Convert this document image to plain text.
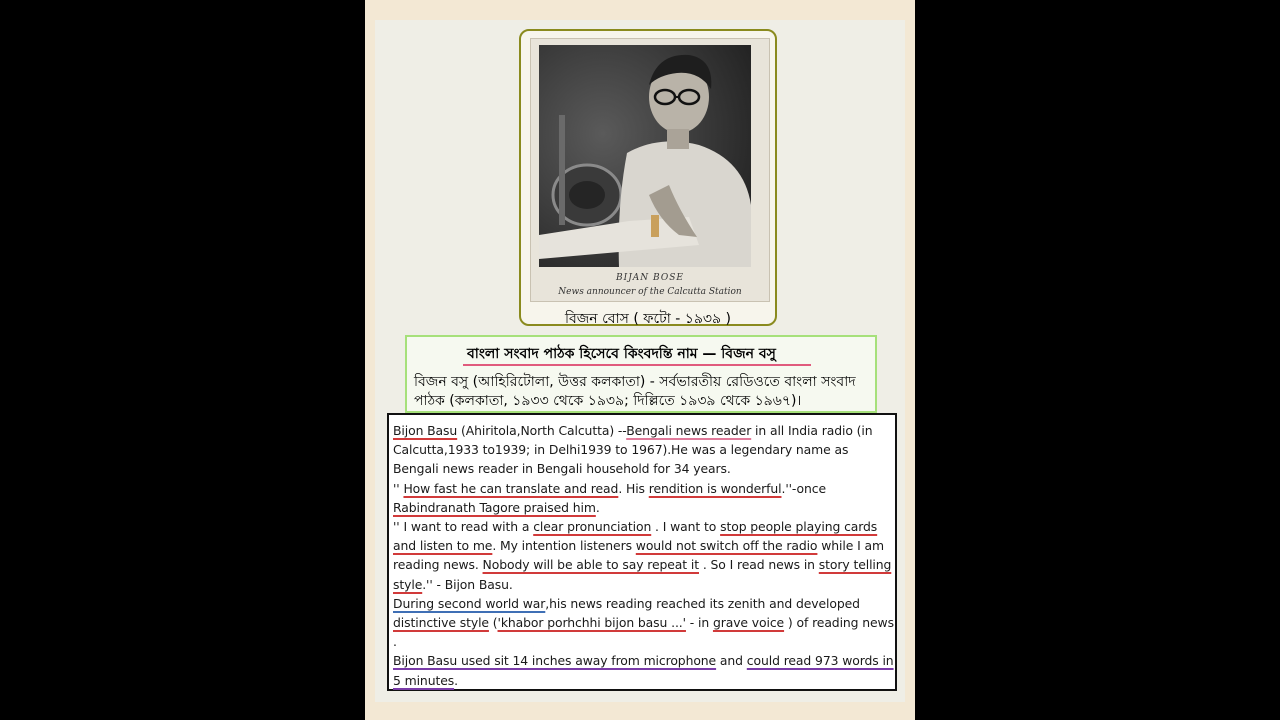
BIJAN BOSE
News announcer of the Calcutta Station
বিজন বোস ( ফটো - ১৯৩৯ )
বাংলা সংবাদ পাঠক হিসেবে কিংবদন্তি নাম — বিজন বসু
বিজন বসু (আহিরিটোলা, উত্তর কলকাতা) - সর্বভারতীয় রেডিওতে বাংলা সংবাদ পাঠক (কলকাতা, ১৯৩৩ থেকে ১৯৩৯; দিল্লিতে ১৯৩৯ থেকে ১৯৬৭)।

Bijon Basu (Ahiritola,North Calcutta) --Bengali news reader in all India radio (in Calcutta,1933 to1939; in Delhi1939 to 1967).He was a legendary name as Bengali news reader in Bengali household for 34 years.

'' How fast he can translate and read. His rendition is wonderful.''-once Rabindranath Tagore praised him.

'' I want to read with a clear pronunciation . I want to stop people playing cards and listen to me. My intention listeners would not switch off the radio while I am reading news. Nobody will be able to say repeat it . So I read news in story telling style.'' - Bijon Basu.

During second world war,his news reading reached its zenith and developed distinctive style ('khabor porhchhi bijon basu ...' - in grave voice ) of reading news .

Bijon Basu used sit 14 inches away from microphone and could read 973 words in 5 minutes.
